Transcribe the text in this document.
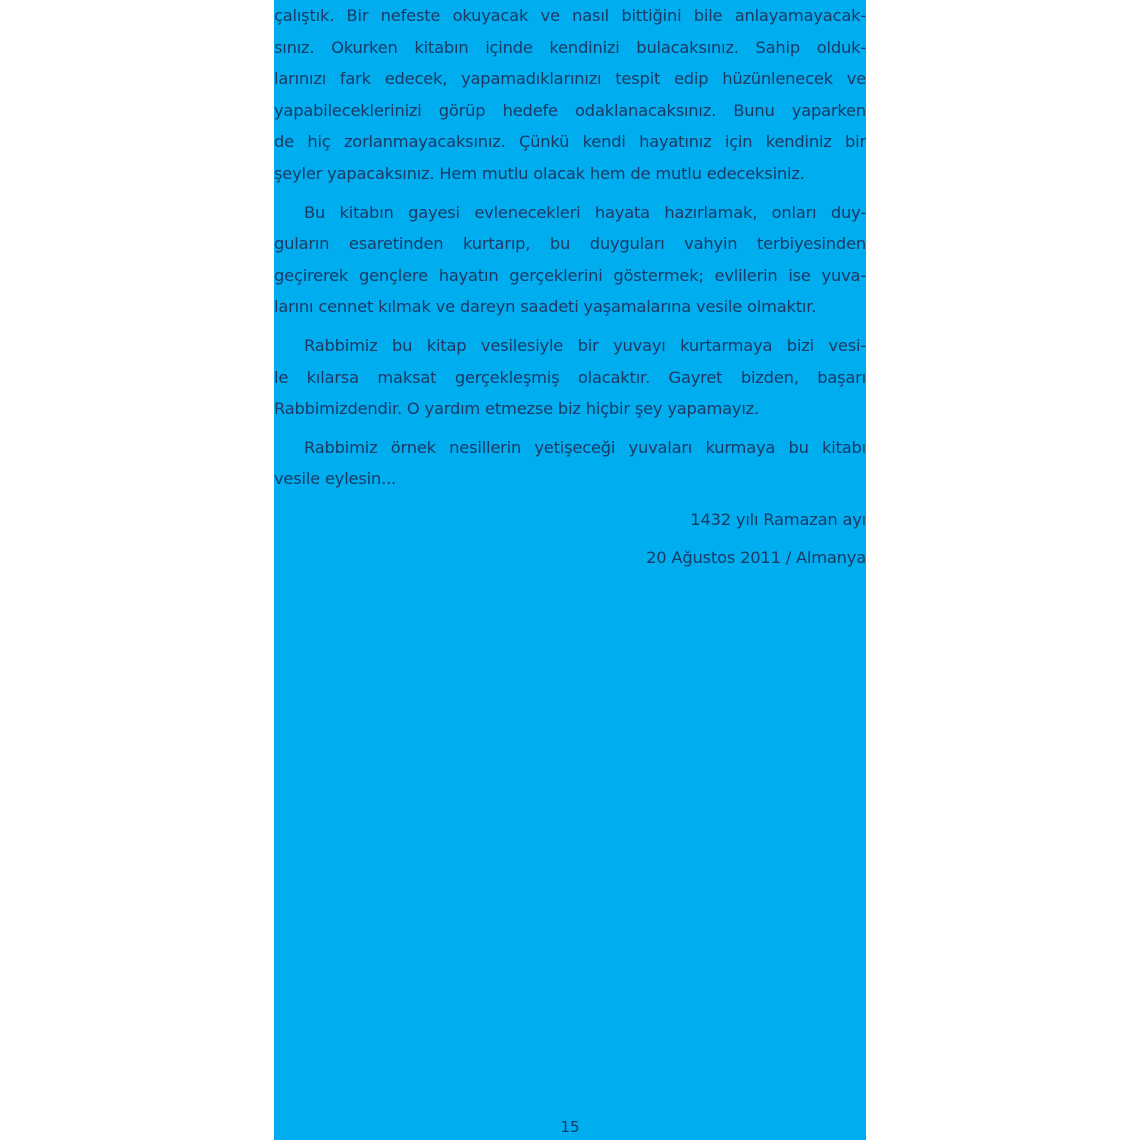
çalıştık. Bir nefeste okuyacak ve nasıl bittiğini bile anlayamayacak-
sınız. Okurken kitabın içinde kendinizi bulacaksınız. Sahip olduk-
larınızı fark edecek, yapamadıklarınızı tespit edip hüzünlenecek ve
yapabileceklerinizi görüp hedefe odaklanacaksınız. Bunu yaparken
de hiç zorlanmayacaksınız. Çünkü kendi hayatınız için kendiniz bir
şeyler yapacaksınız. Hem mutlu olacak hem de mutlu edeceksiniz.
Bu kitabın gayesi evlenecekleri hayata hazırlamak, onları duy-
guların esaretinden kurtarıp, bu duyguları vahyin terbiyesinden
geçirerek gençlere hayatın gerçeklerini göstermek; evlilerin ise yuva-
larını cennet kılmak ve dareyn saadeti yaşamalarına vesile olmaktır.
Rabbimiz bu kitap vesilesiyle bir yuvayı kurtarmaya bizi vesi-
le kılarsa maksat gerçekleşmiş olacaktır. Gayret bizden, başarı
Rabbimizdendir. O yardım etmezse biz hiçbir şey yapamayız.
Rabbimiz örnek nesillerin yetişeceği yuvaları kurmaya bu kitabı
vesile eylesin...
1432 yılı Ramazan ayı
20 Ağustos 2011 / Almanya
15
